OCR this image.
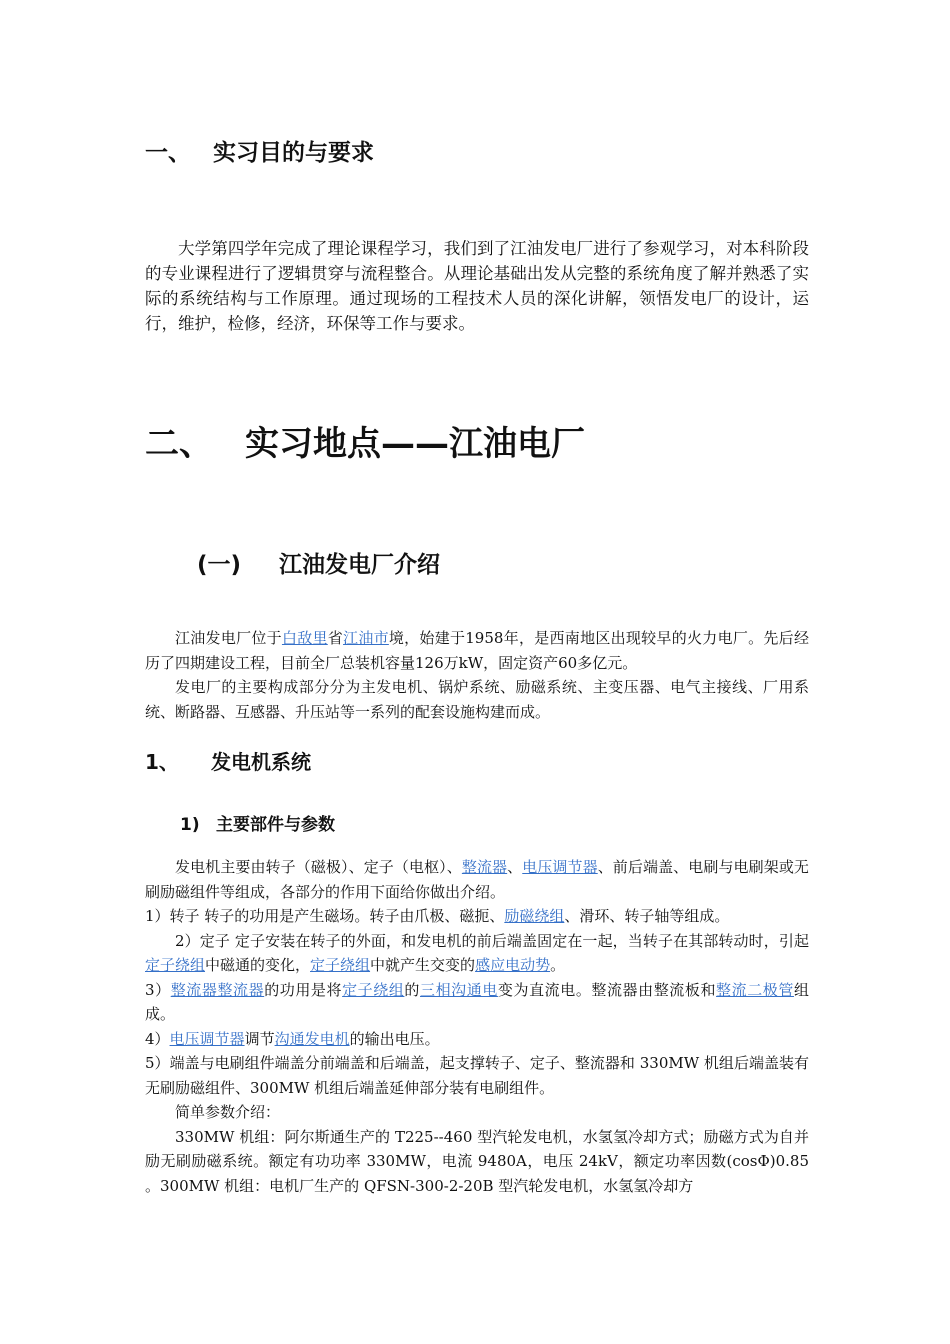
一、 实习目的与要求

大学第四学年完成了理论课程学习，我们到了江油发电厂进行了参观学习，对本科阶段的专业课程进行了逻辑贯穿与流程整合。从理论基础出发从完整的系统角度了解并熟悉了实际的系统结构与工作原理。通过现场的工程技术人员的深化讲解，领悟发电厂的设计，运行，维护，检修，经济，环保等工作与要求。

二、 实习地点——江油电厂
(一) 江油发电厂介绍

江油发电厂位于白敌里省江油市境，始建于1958年，是西南地区出现较早的火力电厂。先后经历了四期建设工程，目前全厂总装机容量126万kW，固定资产60多亿元。

发电厂的主要构成部分分为主发电机、锅炉系统、励磁系统、主变压器、电气主接线、厂用系统、断路器、互感器、升压站等一系列的配套设施构建而成。

1、 发电机系统
1) 主要部件与参数

发电机主要由转子（磁极）、定子（电枢）、整流器、电压调节器、前后端盖、电刷与电刷架或无刷励磁组件等组成，各部分的作用下面给你做出介绍。

1）转子 转子的功用是产生磁场。转子由爪极、磁扼、励磁绕组、滑环、转子轴等组成。

2）定子 定子安装在转子的外面，和发电机的前后端盖固定在一起，当转子在其部转动时，引起定子绕组中磁通的变化，定子绕组中就产生交变的感应电动势。

3）整流器整流器的功用是将定子绕组的三相沟通电变为直流电。整流器由整流板和整流二极管组成。

4）电压调节器调节沟通发电机的输出电压。

5）端盖与电刷组件端盖分前端盖和后端盖，起支撑转子、定子、整流器和 330MW 机组后端盖装有无刷励磁组件、300MW 机组后端盖延伸部分装有电刷组件。

简单参数介绍：

330MW 机组：阿尔斯通生产的 T225--460 型汽轮发电机，水氢氢冷却方式；励磁方式为自并励无刷励磁系统。额定有功功率 330MW，电流 9480A，电压 24kV，额定功率因数(cosΦ)0.85 。300MW 机组：电机厂生产的 QFSN-300-2-20B 型汽轮发电机，水氢氢冷却方
